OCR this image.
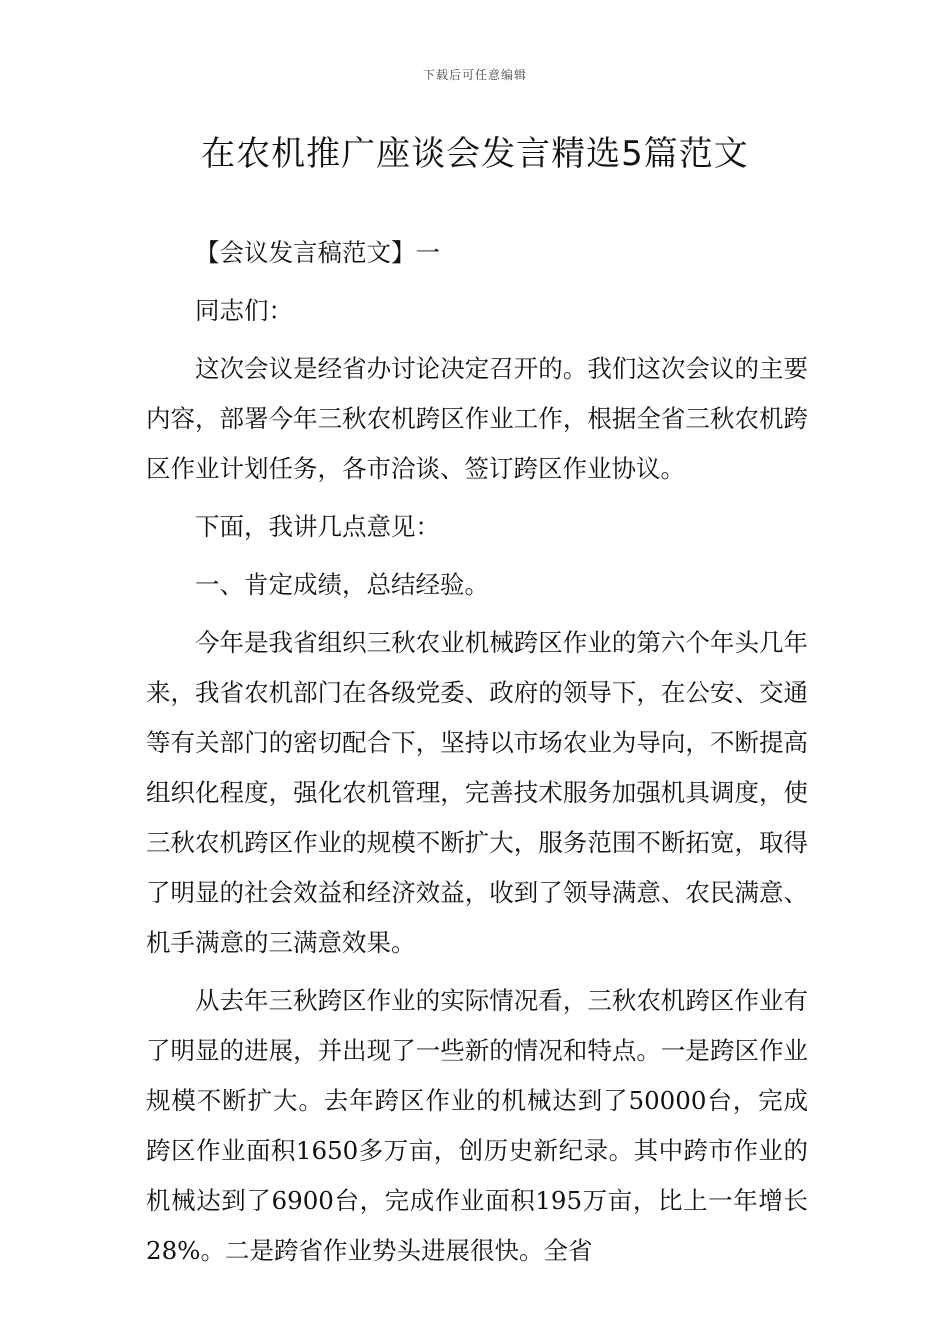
下载后可任意编辑
在农机推广座谈会发言精选5篇范文

【会议发言稿范文】一

同志们：

这次会议是经省办讨论决定召开的。我们这次会议的主要内容，部署今年三秋农机跨区作业工作，根据全省三秋农机跨区作业计划任务，各市洽谈、签订跨区作业协议。

下面，我讲几点意见：

一、肯定成绩，总结经验。

今年是我省组织三秋农业机械跨区作业的第六个年头几年来，我省农机部门在各级党委、政府的领导下，在公安、交通等有关部门的密切配合下，坚持以市场农业为导向，不断提高组织化程度，强化农机管理，完善技术服务加强机具调度，使三秋农机跨区作业的规模不断扩大，服务范围不断拓宽，取得了明显的社会效益和经济效益，收到了领导满意、农民满意、机手满意的三满意效果。

从去年三秋跨区作业的实际情况看，三秋农机跨区作业有了明显的进展，并出现了一些新的情况和特点。一是跨区作业规模不断扩大。去年跨区作业的机械达到了50000台，完成跨区作业面积1650多万亩，创历史新纪录。其中跨市作业的机械达到了6900台，完成作业面积195万亩，比上一年增长28%。二是跨省作业势头进展很快。全省
